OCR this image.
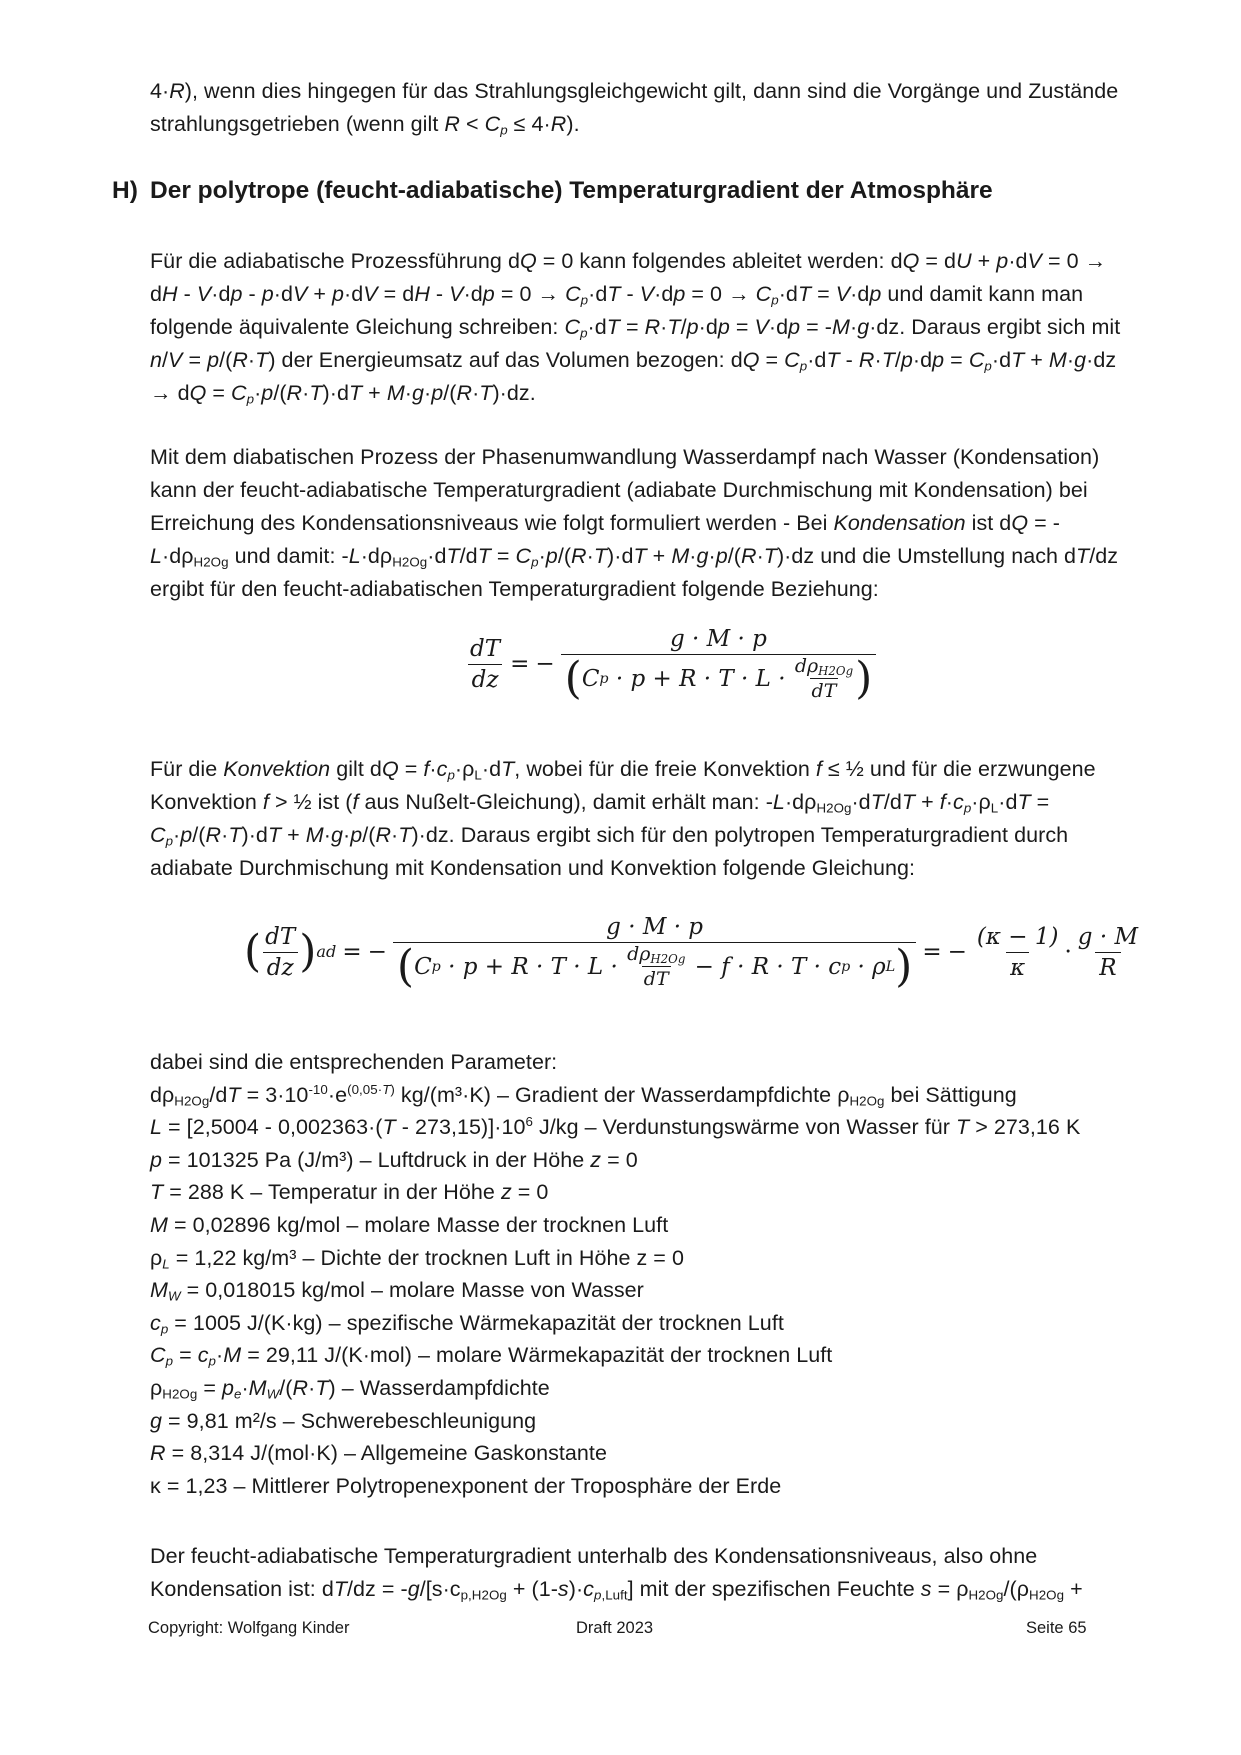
4·R), wenn dies hingegen für das Strahlungsgleichgewicht gilt, dann sind die Vorgänge und Zustände

strahlungsgetrieben (wenn gilt $R < C_p \le 4\cdot R$).

H) Der polytrope (feucht-adiabatische) Temperaturgradient der Atmosphäre

Für die adiabatische Prozessführung dQ = 0 kann folgendes ableitet werden: dQ = dU + p·dV = 0 →

dH - V·dp - p·dV + p·dV = dH - $V\cdot dp = 0 \to C_p\cdot dT - V\cdot dp = 0 \to C_p\cdot dT = V\cdot dp$ und damit kann man

folgende äquivalente Gleichung schreiben: $C_p\cdot dT = R\cdot T/p\cdot dp = V\cdot dp = -M\cdot g\cdot dz$. Daraus ergibt sich mit

n/V = p/(R·T) der Energieumsatz auf das Volumen bezogen: dQ = $C_p\cdot dT - R\cdot T/p\cdot dp = C_p\cdot dT + M\cdot g\cdot dz$

→ dQ = $C_p\cdot p/(R\cdot T)\cdot dT + M\cdot g\cdot p/(R\cdot T)\cdot dz$.

Mit dem diabatischen Prozess der Phasenumwandlung Wasserdampf nach Wasser (Kondensation)

kann der feucht-adiabatische Temperaturgradient (adiabate Durchmischung mit Kondensation) bei

Erreichung des Kondensationsniveaus wie folgt formuliert werden - Bei Kondensation ist dQ = -

$L\cdot d\rho_{H2Og}$ und damit: $-L\cdot d\rho_{H2Og}\cdot dT/dT = C_p\cdot p/(R\cdot T)\cdot dT + M\cdot g\cdot p/(R\cdot T)\cdot dz$ und die Umstellung nach dT/dz

ergibt für den feucht-adiabatischen Temperaturgradient folgende Beziehung:

$\frac{dT}{dz}$ = −
g · M · p
( C $p \cdot p + R \cdot T \cdot L \cdot d\rho_{H2Og}$
dT )

Für die Konvektion gilt dQ = $f\cdot c_p\cdot\rho_L\cdot dT$, wobei für die freie Konvektion f ≤ ½ und für die erzwungene

Konvektion f > ½ ist (f aus Nußelt-Gleichung), damit erhält man: $-L\cdot d\rho_{H2Og}\cdot dT/dT + f\cdot c_p\cdot\rho_L\cdot dT$ =

$C_p\cdot p/(R\cdot T)\cdot dT + M\cdot g\cdot p/(R\cdot T)\cdot dz$. Daraus ergibt sich für den polytropen Temperaturgradient durch

adiabate Durchmischung mit Kondensation und Konvektion folgende Gleichung:

( $\frac{dT}{dz}$ ) ad = −
g · M · p
( C $p \cdot p + R \cdot T \cdot L \cdot d\rho_{H2Og}$
dT − f · R · T · c p · ρ L ) = − $\frac{(\kappa - 1)}{\kappa} \cdot \frac{g \cdot M}{R}$

dabei sind die entsprechenden Parameter:

$d\rho_{H2Og}/dT = 3\cdot 10^{-10}\cdot e^{(0,05\cdot T)}$ kg/(m³·K) – Gradient der Wasserdampfdichte $\rho_{H2Og}$ bei Sättigung

$L = [2,5004 - 0,002363\cdot(T - 273,15)]\cdot 10^6$ J/kg – Verdunstungswärme von Wasser für T > 273,16 K

p = 101325 Pa (J/m³) – Luftdruck in der Höhe z = 0

T = 288 K – Temperatur in der Höhe z = 0

M = 0,02896 kg/mol – molare Masse der trocknen Luft

$\rho_L = 1,22$ kg/m³ – Dichte der trocknen Luft in Höhe z = 0

$M_W = 0,018015$ kg/mol – molare Masse von Wasser

$c_p = 1005$ J/(K·kg) – spezifische Wärmekapazität der trocknen Luft

$C_p = c_p\cdot M = 29,11$ J/(K·mol) – molare Wärmekapazität der trocknen Luft

$\rho_{H2Og} = p_e\cdot M_W/(R\cdot T)$ – Wasserdampfdichte

g = 9,81 m²/s – Schwerebeschleunigung

R = 8,314 J/(mol·K) – Allgemeine Gaskonstante

κ = 1,23 – Mittlerer Polytropenexponent der Troposphäre der Erde

Der feucht-adiabatische Temperaturgradient unterhalb des Kondensationsniveaus, also ohne

Kondensation ist: $dT/dz = -g/[s\cdot c_{p,H2Og} + (1-s)\cdot c_{p,Luft}]$ mit der spezifischen Feuchte $s = \rho_{H2Og}/(\rho_{H2Og}$ +

Copyright: Wolfgang Kinder	Draft 2023	Seite 65
